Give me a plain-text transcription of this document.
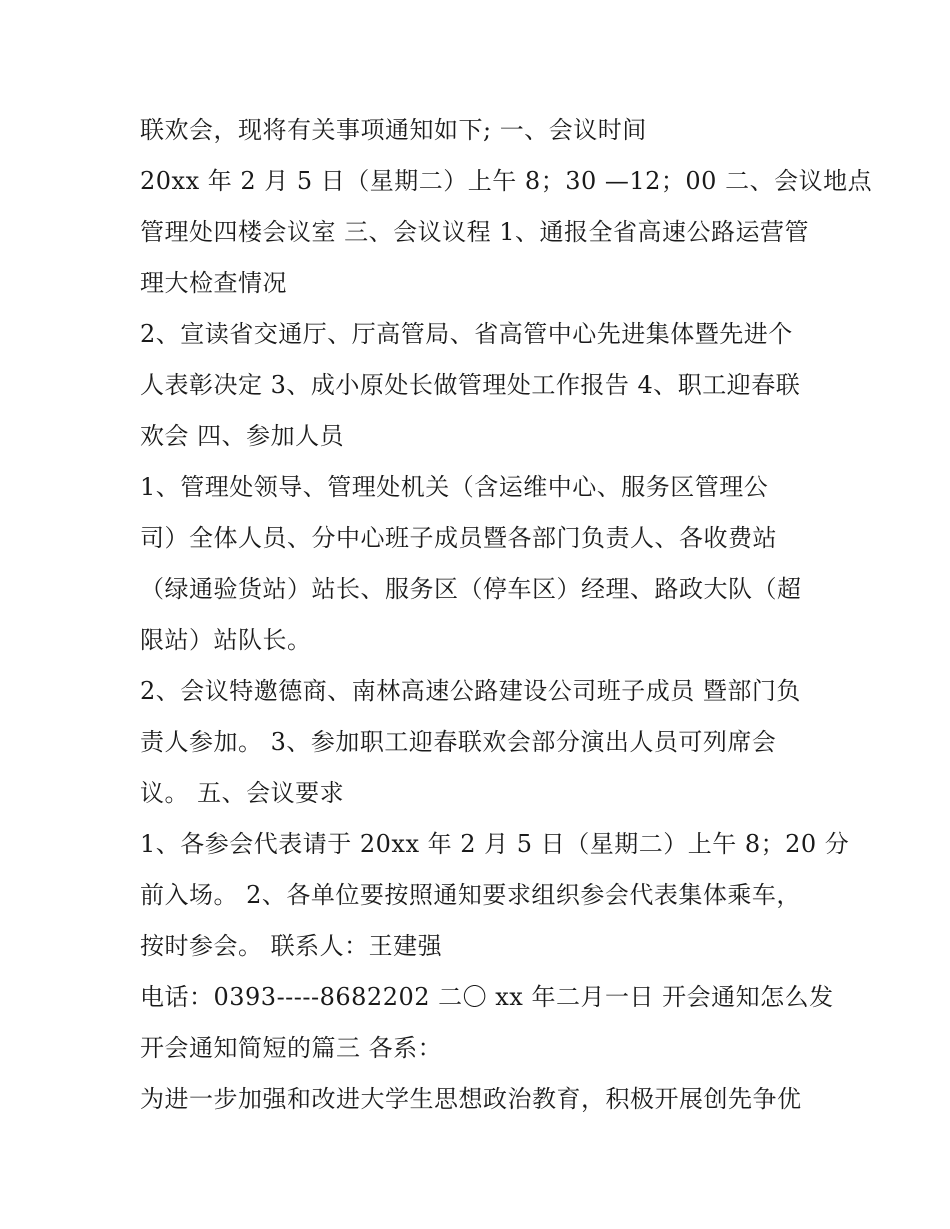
联欢会，现将有关事项通知如下; 一、会议时间
20xx 年 2 月 5 日（星期二）上午 8；30 —12；00 二、会议地点
管理处四楼会议室 三、会议议程 1、通报全省高速公路运营管
理大检查情况
2、宣读省交通厅、厅高管局、省高管中心先进集体暨先进个
人表彰决定 3、成小原处长做管理处工作报告 4、职工迎春联
欢会 四、参加人员
1、管理处领导、管理处机关（含运维中心、服务区管理公
司）全体人员、分中心班子成员暨各部门负责人、各收费站
（绿通验货站）站长、服务区（停车区）经理、路政大队（超
限站）站队长。
2、会议特邀德商、南林高速公路建设公司班子成员 暨部门负
责人参加。 3、参加职工迎春联欢会部分演出人员可列席会
议。 五、会议要求
1、各参会代表请于 20xx 年 2 月 5 日（星期二）上午 8；20 分
前入场。 2、各单位要按照通知要求组织参会代表集体乘车，
按时参会。 联系人：王建强
电话：0393-----8682202 二〇 xx 年二月一日 开会通知怎么发
开会通知简短的篇三 各系：
为进一步加强和改进大学生思想政治教育，积极开展创先争优
